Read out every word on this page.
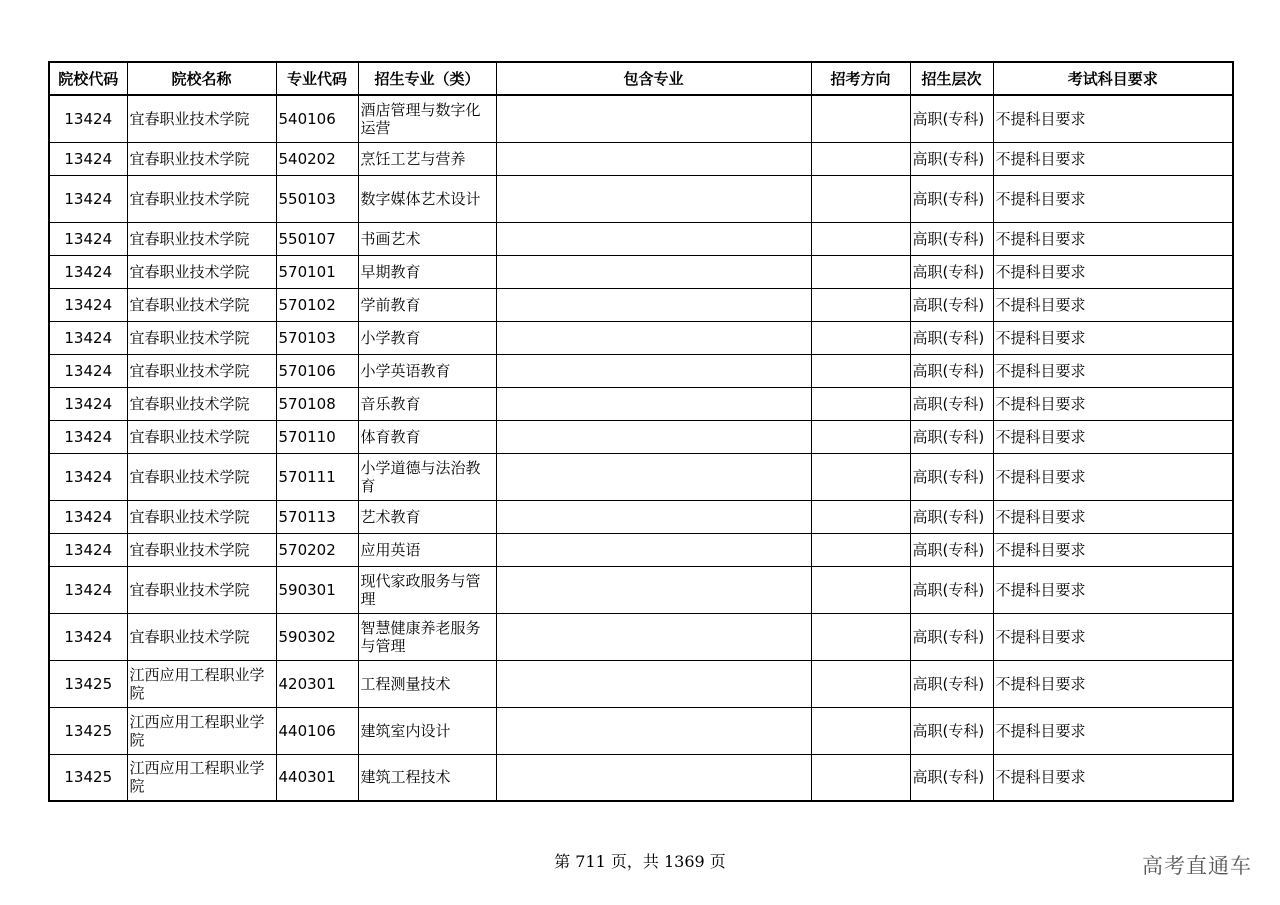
院校代码	院校名称	专业代码	招生专业（类）	包含专业	招考方向	招生层次	考试科目要求
13424	宜春职业技术学院	540106	酒店管理与数字化运营			高职(专科)	不提科目要求
13424	宜春职业技术学院	540202	烹饪工艺与营养			高职(专科)	不提科目要求
13424	宜春职业技术学院	550103	数字媒体艺术设计			高职(专科)	不提科目要求
13424	宜春职业技术学院	550107	书画艺术			高职(专科)	不提科目要求
13424	宜春职业技术学院	570101	早期教育			高职(专科)	不提科目要求
13424	宜春职业技术学院	570102	学前教育			高职(专科)	不提科目要求
13424	宜春职业技术学院	570103	小学教育			高职(专科)	不提科目要求
13424	宜春职业技术学院	570106	小学英语教育			高职(专科)	不提科目要求
13424	宜春职业技术学院	570108	音乐教育			高职(专科)	不提科目要求
13424	宜春职业技术学院	570110	体育教育			高职(专科)	不提科目要求
13424	宜春职业技术学院	570111	小学道德与法治教育			高职(专科)	不提科目要求
13424	宜春职业技术学院	570113	艺术教育			高职(专科)	不提科目要求
13424	宜春职业技术学院	570202	应用英语			高职(专科)	不提科目要求
13424	宜春职业技术学院	590301	现代家政服务与管理			高职(专科)	不提科目要求
13424	宜春职业技术学院	590302	智慧健康养老服务与管理			高职(专科)	不提科目要求
13425	江西应用工程职业学院	420301	工程测量技术			高职(专科)	不提科目要求
13425	江西应用工程职业学院	440106	建筑室内设计			高职(专科)	不提科目要求
13425	江西应用工程职业学院	440301	建筑工程技术			高职(专科)	不提科目要求
第 711 页，共 1369 页	高考直通车
